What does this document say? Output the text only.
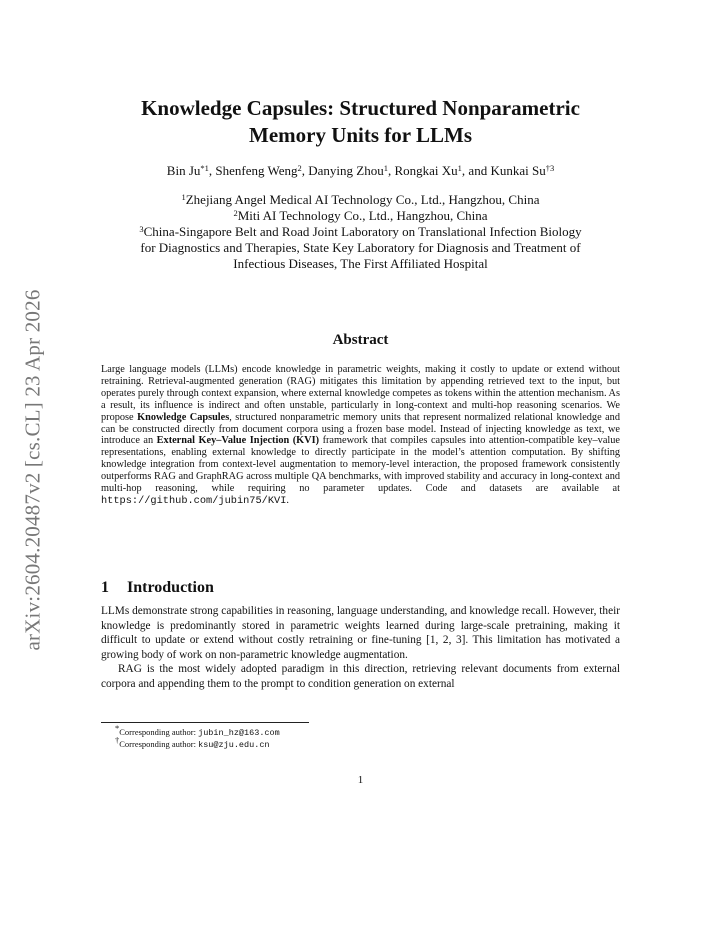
arXiv:2604.20487v2 [cs.CL] 23 Apr 2026
Knowledge Capsules: Structured Nonparametric
Memory Units for LLMs
Bin Ju$^{*1}$, Shenfeng Weng$^2$, Danying Zhou$^1$, Rongkai Xu$^1$, and Kunkai Su$^{\dagger 3}$
$^1$Zhejiang Angel Medical AI Technology Co., Ltd., Hangzhou, China
$^2$Miti AI Technology Co., Ltd., Hangzhou, China
$^3$China-Singapore Belt and Road Joint Laboratory on Translational Infection Biology
for Diagnostics and Therapies, State Key Laboratory for Diagnosis and Treatment of
Infectious Diseases, The First Affiliated Hospital
Abstract
Large language models (LLMs) encode knowledge in parametric weights, making it costly to update or extend without retraining. Retrieval-augmented generation (RAG) mitigates this limitation by appending retrieved text to the input, but operates purely through context expansion, where external knowledge competes as tokens within the attention mechanism. As a result, its influence is indirect and often unstable, particularly in long-context and multi-hop reasoning scenarios. We propose Knowledge Capsules, structured nonparametric memory units that represent normalized relational knowledge and can be constructed directly from document corpora using a frozen base model. Instead of injecting knowledge as text, we introduce an External Key–Value Injection (KVI) framework that compiles capsules into attention-compatible key–value representations, enabling external knowledge to directly participate in the model’s attention computation. By shifting knowledge integration from context-level augmentation to memory-level interaction, the proposed framework consistently outperforms RAG and GraphRAG across multiple QA benchmarks, with improved stability and accuracy in long-context and multi-hop reasoning, while requiring no parameter updates. Code and datasets are available at https://github.com/jubin75/KVI.
1 Introduction

LLMs demonstrate strong capabilities in reasoning, language understanding, and knowledge recall. However, their knowledge is predominantly stored in parametric weights learned during large-scale pretraining, making it difficult to update or extend without costly retraining or fine-tuning [1, 2, 3]. This limitation has motivated a growing body of work on non-parametric knowledge augmentation.

RAG is the most widely adopted paradigm in this direction, retrieving relevant documents from external corpora and appending them to the prompt to condition generation on external

*Corresponding author: jubin_hz@163.com
†Corresponding author: ksu@zju.edu.cn
1
